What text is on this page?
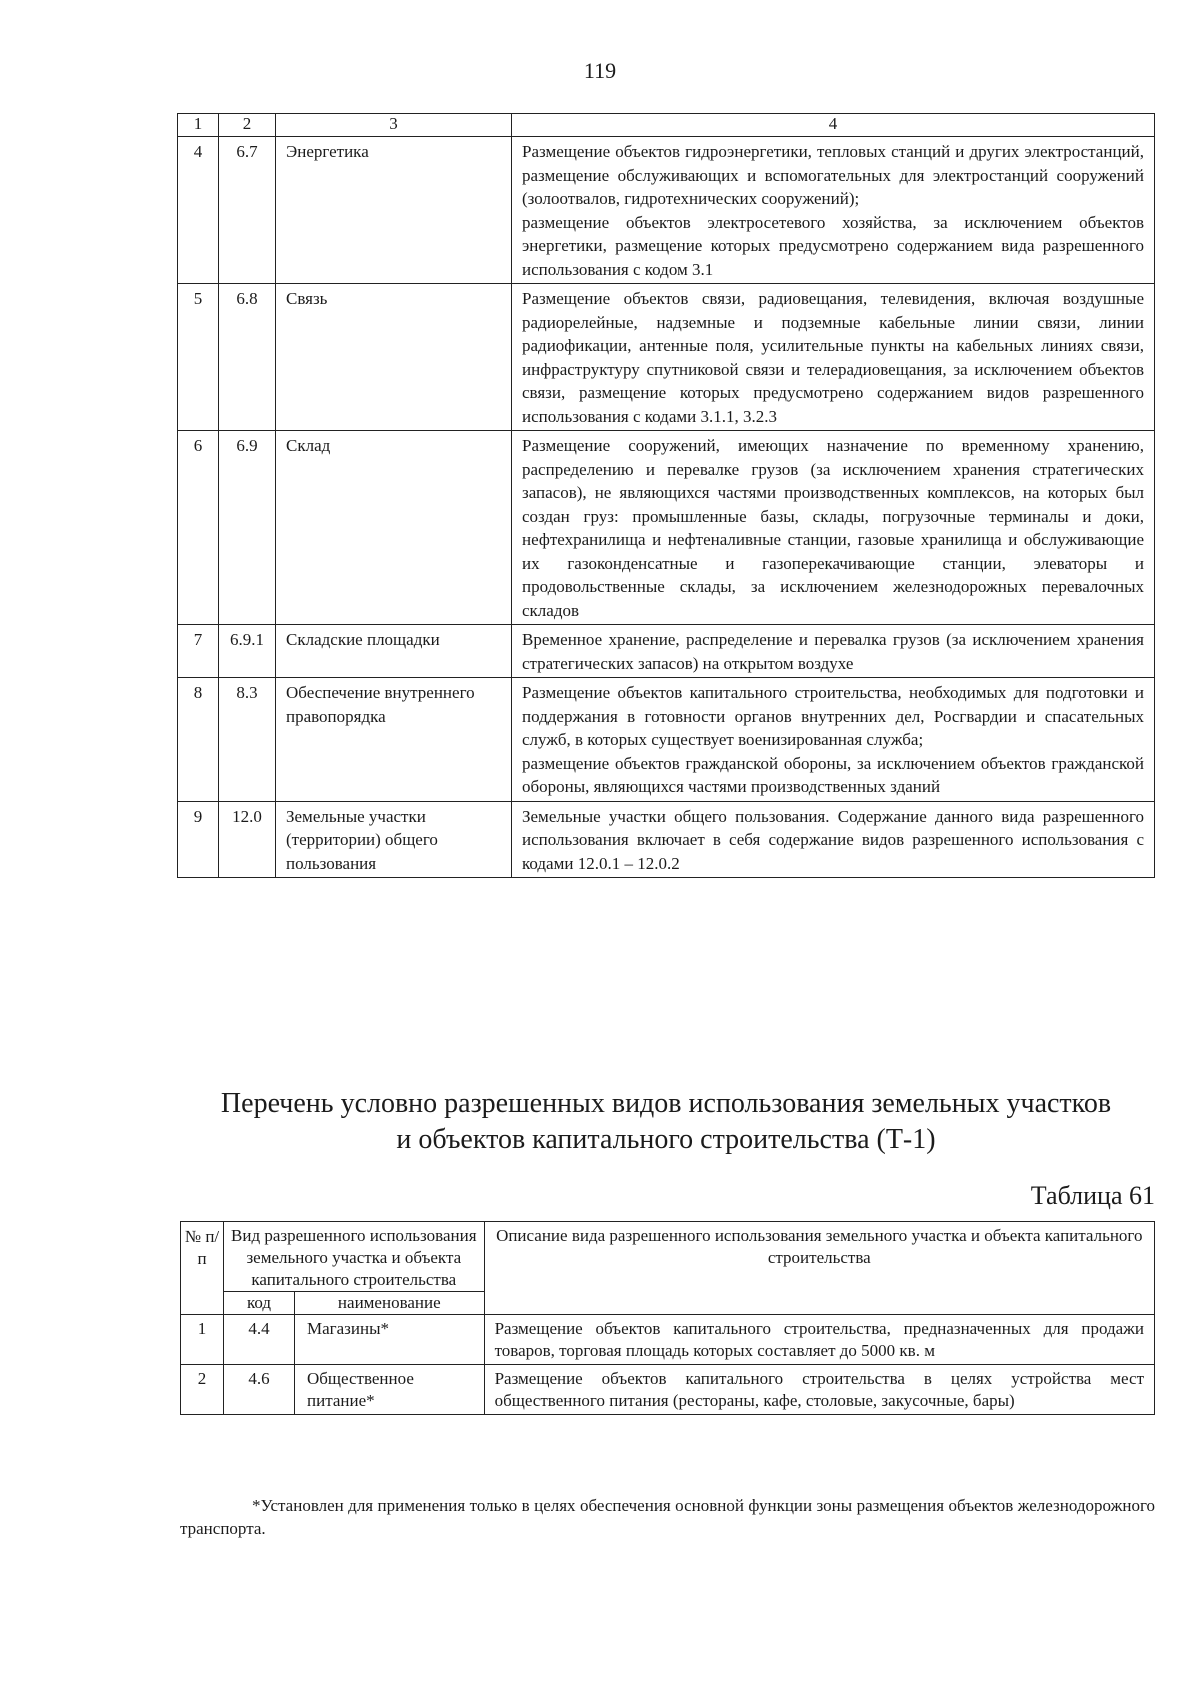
119
1	2	3	4
4	6.7	Энергетика	Размещение объектов гидроэнергетики, тепловых станций и других электростанций, размещение обслуживающих и вспомогательных для электростанций сооружений (золоотвалов, гидротехнических сооружений);

размещение объектов электросетевого хозяйства, за исключением объектов энергетики, размещение которых предусмотрено содержанием вида разрешенного использования с кодом 3.1

5	6.8	Связь	Размещение объектов связи, радиовещания, телевидения, включая воздушные радиорелейные, надземные и подземные кабельные линии связи, линии радиофикации, антенные поля, усилительные пункты на кабельных линиях связи, инфраструктуру спутниковой связи и телерадиовещания, за исключением объектов связи, размещение которых предусмотрено содержанием видов разрешенного использования с кодами 3.1.1, 3.2.3

6	6.9	Склад	Размещение сооружений, имеющих назначение по временному хранению, распределению и перевалке грузов (за исключением хранения стратегических запасов), не являющихся частями производственных комплексов, на которых был создан груз: промышленные базы, склады, погрузочные терминалы и доки, нефтехранилища и нефтеналивные станции, газовые хранилища и обслуживающие их газоконденсатные и газоперекачивающие станции, элеваторы и продовольственные склады, за исключением железнодорожных перевалочных складов

7	6.9.1	Складские площадки	Временное хранение, распределение и перевалка грузов (за исключением хранения стратегических запасов) на открытом воздухе

8	8.3	Обеспечение внутреннего правопорядка	Размещение объектов капитального строительства, необходимых для подготовки и поддержания в готовности органов внутренних дел, Росгвардии и спасательных служб, в которых существует военизированная служба;

размещение объектов гражданской обороны, за исключением объектов гражданской обороны, являющихся частями производственных зданий

9	12.0	Земельные участки (территории) общего пользования	Земельные участки общего пользования. Содержание данного вида разрешенного использования включает в себя содержание видов разрешенного использования с кодами 12.0.1 – 12.0.2

Перечень условно разрешенных видов использования земельных участков
и объектов капитального строительства (Т-1)
Таблица 61
№ п/п	Вид разрешенного использования земельного участка и объекта капитального строительства		Описание вида разрешенного использования земельного участка и объекта капитального строительства
	код	наименование	
1	4.4	Магазины*	Размещение объектов капитального строительства, предназначенных для продажи товаров, торговая площадь которых составляет до 5000 кв. м
2	4.6	Общественное питание*	Размещение объектов капитального строительства в целях устройства мест общественного питания (рестораны, кафе, столовые, закусочные, бары)
*Установлен для применения только в целях обеспечения основной функции зоны размещения объектов железнодорожного транспорта.
